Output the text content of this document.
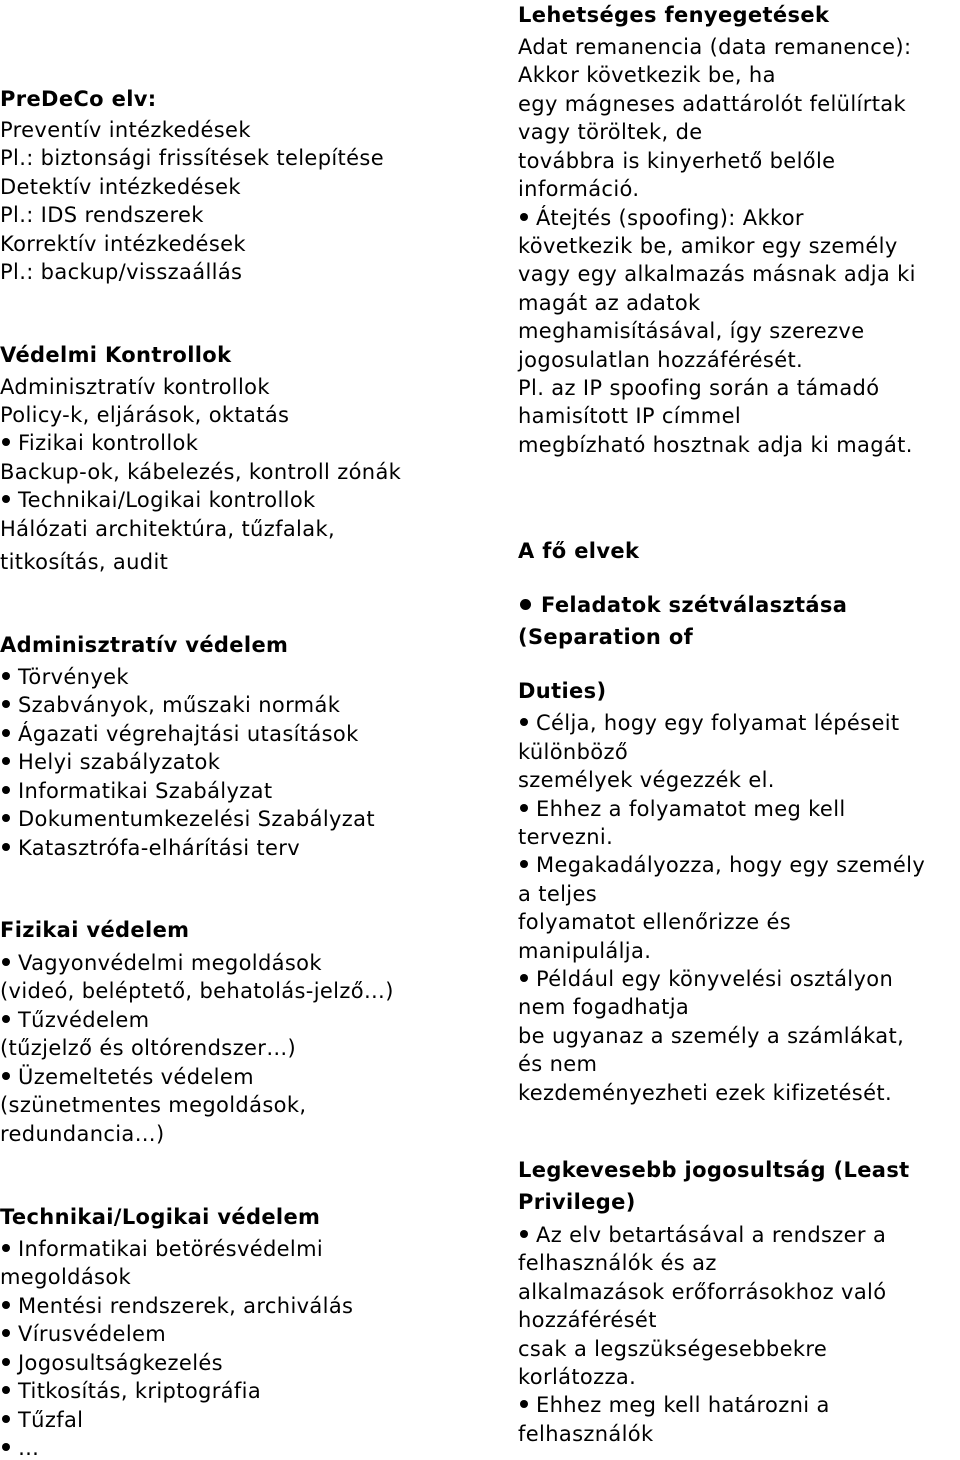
PreDeCo elv:
Preventív intézkedések
Pl.: biztonsági frissítések telepítése
Detektív intézkedések
Pl.: IDS rendszerek
Korrektív intézkedések
Pl.: backup/visszaállás
Védelmi Kontrollok
Adminisztratív kontrollok
Policy-k, eljárások, oktatás
Fizikai kontrollok
Backup-ok, kábelezés, kontroll zónák
Technikai/Logikai kontrollok
Hálózati architektúra, tűzfalak,
titkosítás, audit
Adminisztratív védelem
Törvények
Szabványok, műszaki normák
Ágazati végrehajtási utasítások
Helyi szabályzatok
Informatikai Szabályzat
Dokumentumkezelési Szabályzat
Katasztrófa-elhárítási terv
Fizikai védelem
Vagyonvédelmi megoldások
(videó, beléptető, behatolás-jelző…)
Tűzvédelem
(tűzjelző és oltórendszer…)
Üzemeltetés védelem
(szünetmentes megoldások,
redundancia…)
Technikai/Logikai védelem
Informatikai betörésvédelmi
megoldások
Mentési rendszerek, archiválás
Vírusvédelem
Jogosultságkezelés
Titkosítás, kriptográfia
Tűzfal
…
Lehetséges fenyegetések
Adat remanencia (data remanence):
Akkor következik be, ha
egy mágneses adattárolót felülírtak
vagy töröltek, de
továbbra is kinyerhető belőle
információ.
Átejtés (spoofing): Akkor
következik be, amikor egy személy
vagy egy alkalmazás másnak adja ki
magát az adatok
meghamisításával, így szerezve
jogosulatlan hozzáférését.
Pl. az IP spoofing során a támadó
hamisított IP címmel
megbízható hosztnak adja ki magát.
A fő elvek
Feladatok szétválasztása
(Separation of
Duties)
Célja, hogy egy folyamat lépéseit
különböző
személyek végezzék el.
Ehhez a folyamatot meg kell
tervezni.
Megakadályozza, hogy egy személy
a teljes
folyamatot ellenőrizze és
manipulálja.
Például egy könyvelési osztályon
nem fogadhatja
be ugyanaz a személy a számlákat,
és nem
kezdeményezheti ezek kifizetését.
Legkevesebb jogosultság (Least
Privilege)
Az elv betartásával a rendszer a
felhasználók és az
alkalmazások erőforrásokhoz való
hozzáférését
csak a legszükségesebbekre
korlátozza.
Ehhez meg kell határozni a
felhasználók
